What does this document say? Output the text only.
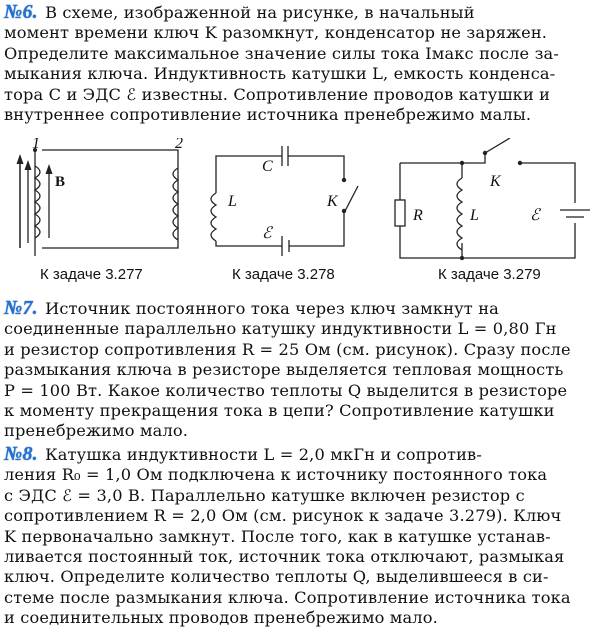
№6. В схеме, изображенной на рисунке, в начальный
момент времени ключ K разомкнут, конденсатор не заряжен.
Определите максимальное значение силы тока Iмакс после за-
мыкания ключа. Индуктивность катушки L, емкость конденса-
тора C и ЭДС ℰ известны. Сопротивление проводов катушки и
внутреннее сопротивление источника пренебрежимо малы.
1	2
B
C
L	K
ℰ
R	L
K
ℰ
К задаче 3.277	К задаче 3.278	К задаче 3.279
№7. Источник постоянного тока через ключ замкнут на
соединенные параллельно катушку индуктивности L = 0,80 Гн
и резистор сопротивления R = 25 Ом (см. рисунок). Сразу после
размыкания ключа в резисторе выделяется тепловая мощность
P = 100 Вт. Какое количество теплоты Q выделится в резисторе
к моменту прекращения тока в цепи? Сопротивление катушки
пренебрежимо мало.
№8. Катушка индуктивности L = 2,0 мкГн и сопротив-
ления R₀ = 1,0 Ом подключена к источнику постоянного тока
с ЭДС ℰ = 3,0 В. Параллельно катушке включен резистор с
сопротивлением R = 2,0 Ом (см. рисунок к задаче 3.279). Ключ
K первоначально замкнут. После того, как в катушке устанав-
ливается постоянный ток, источник тока отключают, размыкая
ключ. Определите количество теплоты Q, выделившееся в си-
стеме после размыкания ключа. Сопротивление источника тока
и соединительных проводов пренебрежимо мало.
